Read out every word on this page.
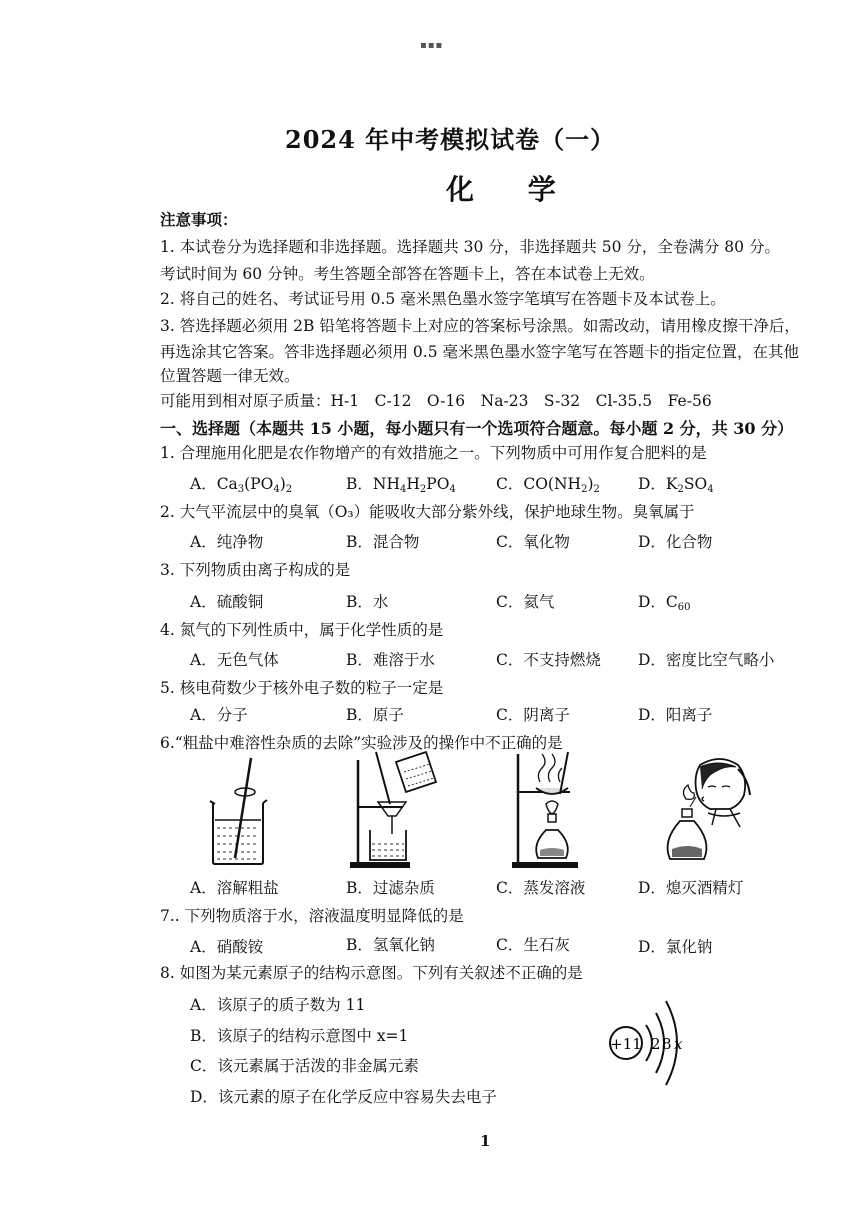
▪▪▪
2024 年中考模拟试卷（一）
化 学
注意事项：
1. 本试卷分为选择题和非选择题。选择题共 30 分，非选择题共 50 分，全卷满分 80 分。
考试时间为 60 分钟。考生答题全部答在答题卡上，答在本试卷上无效。
2. 将自己的姓名、考试证号用 0.5 毫米黑色墨水签字笔填写在答题卡及本试卷上。
3. 答选择题必须用 2B 铅笔将答题卡上对应的答案标号涂黑。如需改动，请用橡皮擦干净后，
再选涂其它答案。答非选择题必须用 0.5 毫米黑色墨水签字笔写在答题卡的指定位置，在其他
位置答题一律无效。
可能用到相对原子质量：H-1　C-12　O-16　Na-23　S-32　Cl-35.5　Fe-56
一、选择题（本题共 15 小题，每小题只有一个选项符合题意。每小题 2 分，共 30 分）
1. 合理施用化肥是农作物增产的有效措施之一。下列物质中可用作复合肥料的是
A．$Ca_3(PO_4)_2$	B．$NH_4H_2PO_4$	C．$CO(NH_2)_2$ D．$K_2SO_4$
2. 大气平流层中的臭氧（O₃）能吸收大部分紫外线，保护地球生物。臭氧属于
A．纯净物	B．混合物	C．氧化物	D．化合物
3. 下列物质由离子构成的是
A．硫酸铜	B．水	C．氦气	D．$C_{60}$
4. 氮气的下列性质中，属于化学性质的是
A．无色气体	B．难溶于水	C．不支持燃烧 D．密度比空气略小
5. 核电荷数少于核外电子数的粒子一定是
A．分子	B．原子	C．阴离子	D．阳离子
6.“粗盐中难溶性杂质的去除”实验涉及的操作中不正确的是
A．溶解粗盐	B．过滤杂质	C．蒸发溶液	D．熄灭酒精灯
7.. 下列物质溶于水，溶液温度明显降低的是
A．硝酸铵	B．氢氧化钠	C．生石灰	D．氯化钠
8. 如图为某元素原子的结构示意图。下列有关叙述不正确的是
A．该原子的质子数为 11
B．该原子的结构示意图中 x=1
C．该元素属于活泼的非金属元素
D．该元素的原子在化学反应中容易失去电子
+11 2 8 x
1
